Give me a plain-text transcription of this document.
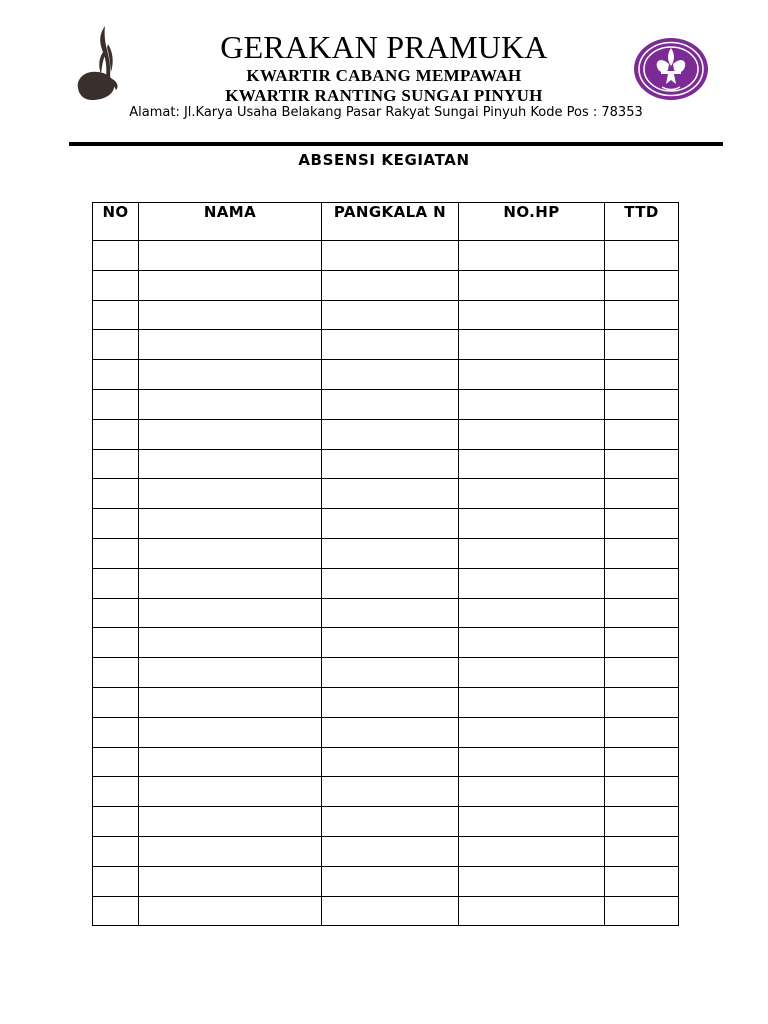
GERAKAN PRAMUKA
KWARTIR CABANG MEMPAWAH
KWARTIR RANTING SUNGAI PINYUH
Alamat: Jl.Karya Usaha Belakang Pasar Rakyat Sungai Pinyuh Kode Pos : 78353
ABSENSI KEGIATAN
NO	NAMA	PANGKALA N	NO.HP	TTD
